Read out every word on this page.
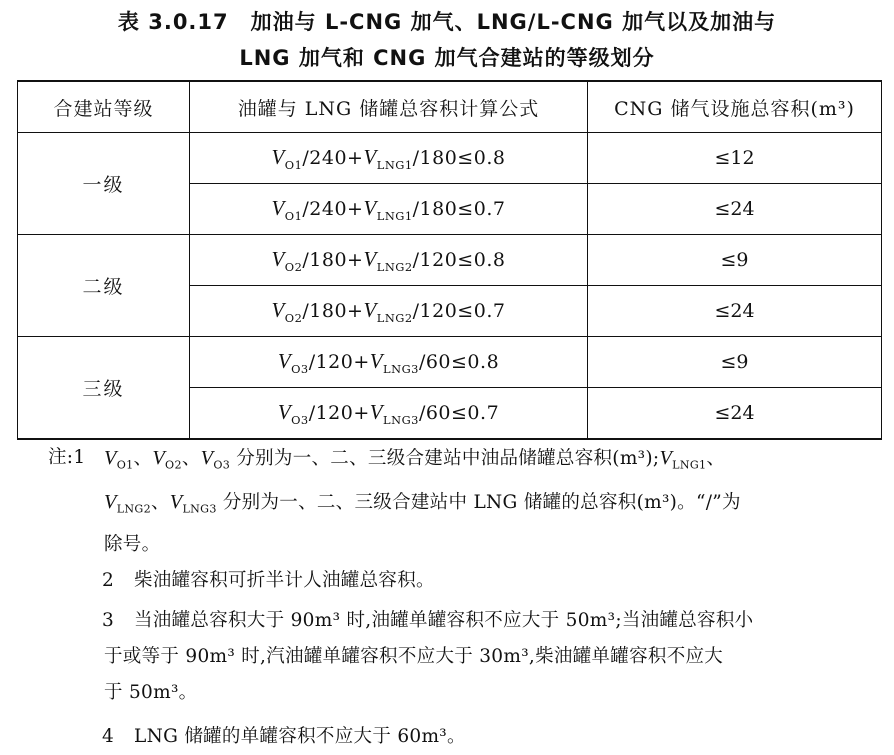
表 3.0.17　加油与 L-CNG 加气、LNG/L-CNG 加气以及加油与
LNG 加气和 CNG 加气合建站的等级划分
合建站等级	油罐与 LNG 储罐总容积计算公式	CNG 储气设施总容积(m³)
一级	$V_{O1}/240+V_{LNG1}/180\le 0.8$	≤12
	$V_{O1}/240+V_{LNG1}/180\le 0.7$	≤24
二级	$V_{O2}/180+V_{LNG2}/120\le 0.8$	≤9
	$V_{O2}/180+V_{LNG2}/120\le 0.7$	≤24
三级	$V_{O3}/120+V_{LNG3}/60\le 0.8$	≤9
	$V_{O3}/120+V_{LNG3}/60\le 0.7$	≤24
注:1 $V_{O1}$、$V_{O2}$、$V_{O3}$ 分别为一、二、三级合建站中油品储罐总容积$(m^3);V_{LNG1}$、
$V_{LNG2}$、$V_{LNG3}$ 分别为一、二、三级合建站中 LNG 储罐的总容积(m³)。“/”为
除号。
2	柴油罐容积可折半计人油罐总容积。
3	当油罐总容积大于 90m³ 时,油罐单罐容积不应大于 50m³;当油罐总容积小
于或等于 90m³ 时,汽油罐单罐容积不应大于 30m³,柴油罐单罐容积不应大
于 50m³。
4	LNG 储罐的单罐容积不应大于 60m³。
